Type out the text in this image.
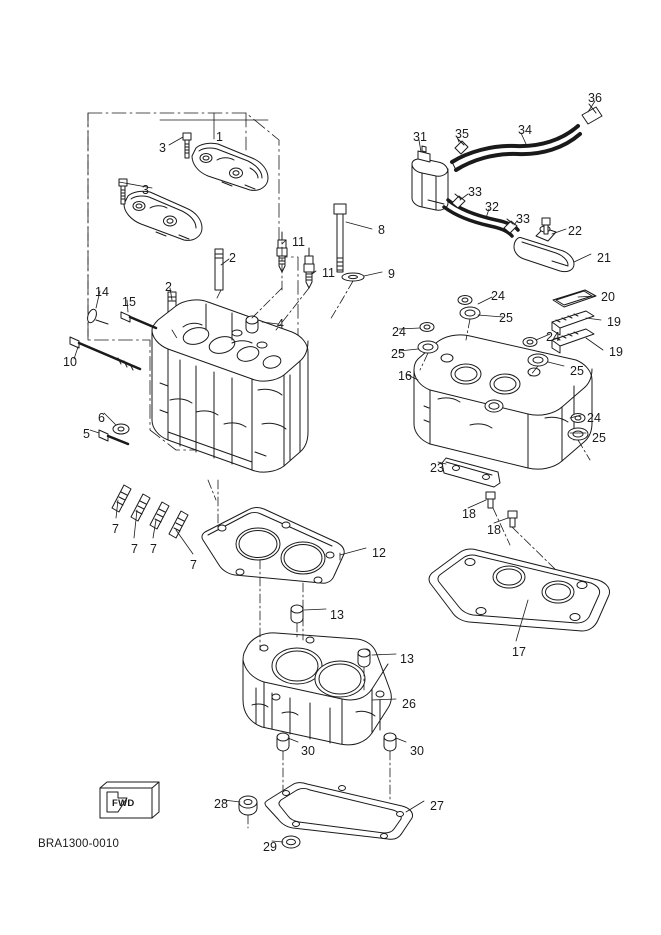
BRA1300-0010
FWD
36
31 35	34
1
3
33
3
32
33
22
8
21
11
2
11	9
2
24	20
14
15
25	19
24	24
4
19
25
10
25
16
6	24
5	25
23
7
18
7 7
18
7
12
13
17
13
26
30	30
28	27
29
